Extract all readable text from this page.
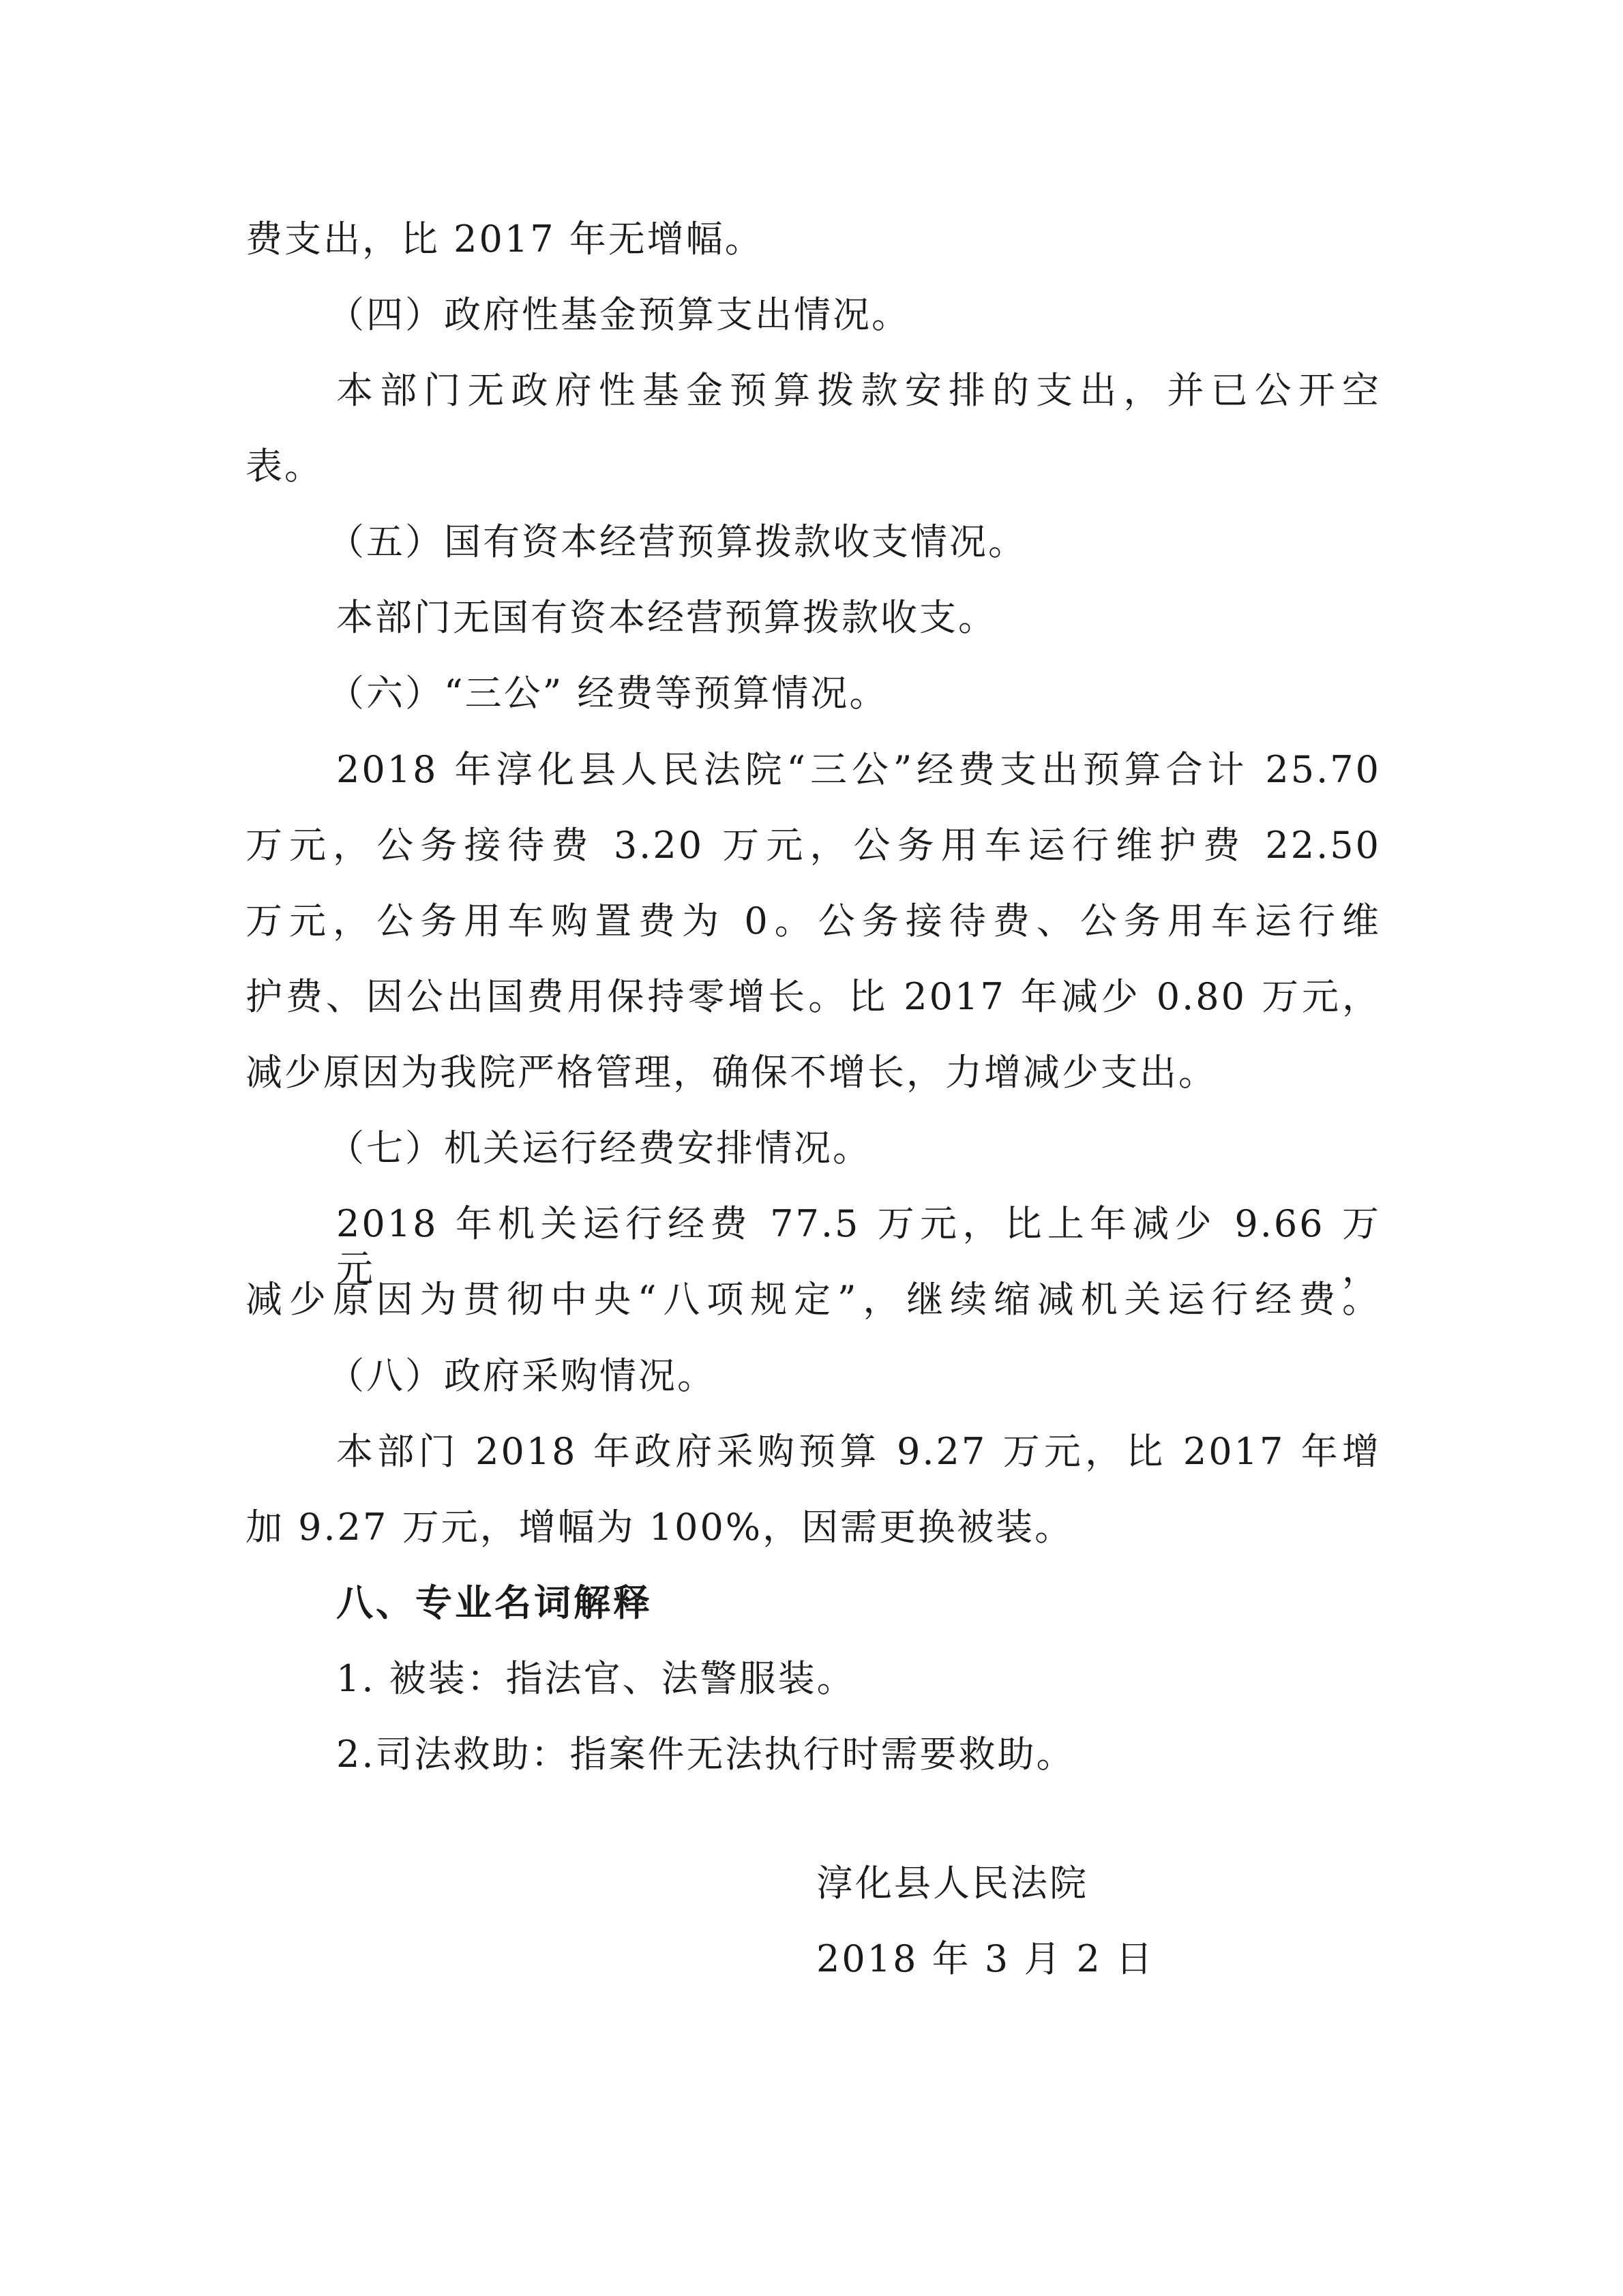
费支出，比 2017 年无增幅。
（四）政府性基金预算支出情况。
本部门无政府性基金预算拨款安排的支出，并已公开空
表。
（五）国有资本经营预算拨款收支情况。
本部门无国有资本经营预算拨款收支。
（六）“三公” 经费等预算情况。
2018 年淳化县人民法院“三公”经费支出预算合计 25.70
万元，公务接待费 3.20 万元，公务用车运行维护费 22.50
万元，公务用车购置费为 0。公务接待费、公务用车运行维
护费、因公出国费用保持零增长。比 2017 年减少 0.80 万元，
减少原因为我院严格管理，确保不增长，力增减少支出。
（七）机关运行经费安排情况。
2018 年机关运行经费 77.5 万元，比上年减少 9.66 万元，
减少原因为贯彻中央“八项规定”，继续缩减机关运行经费。
（八）政府采购情况。
本部门 2018 年政府采购预算 9.27 万元，比 2017 年增
加 9.27 万元，增幅为 100%，因需更换被装。
八、专业名词解释
1. 被装：指法官、法警服装。
2.司法救助：指案件无法执行时需要救助。
淳化县人民法院
2018 年 3 月 2 日
